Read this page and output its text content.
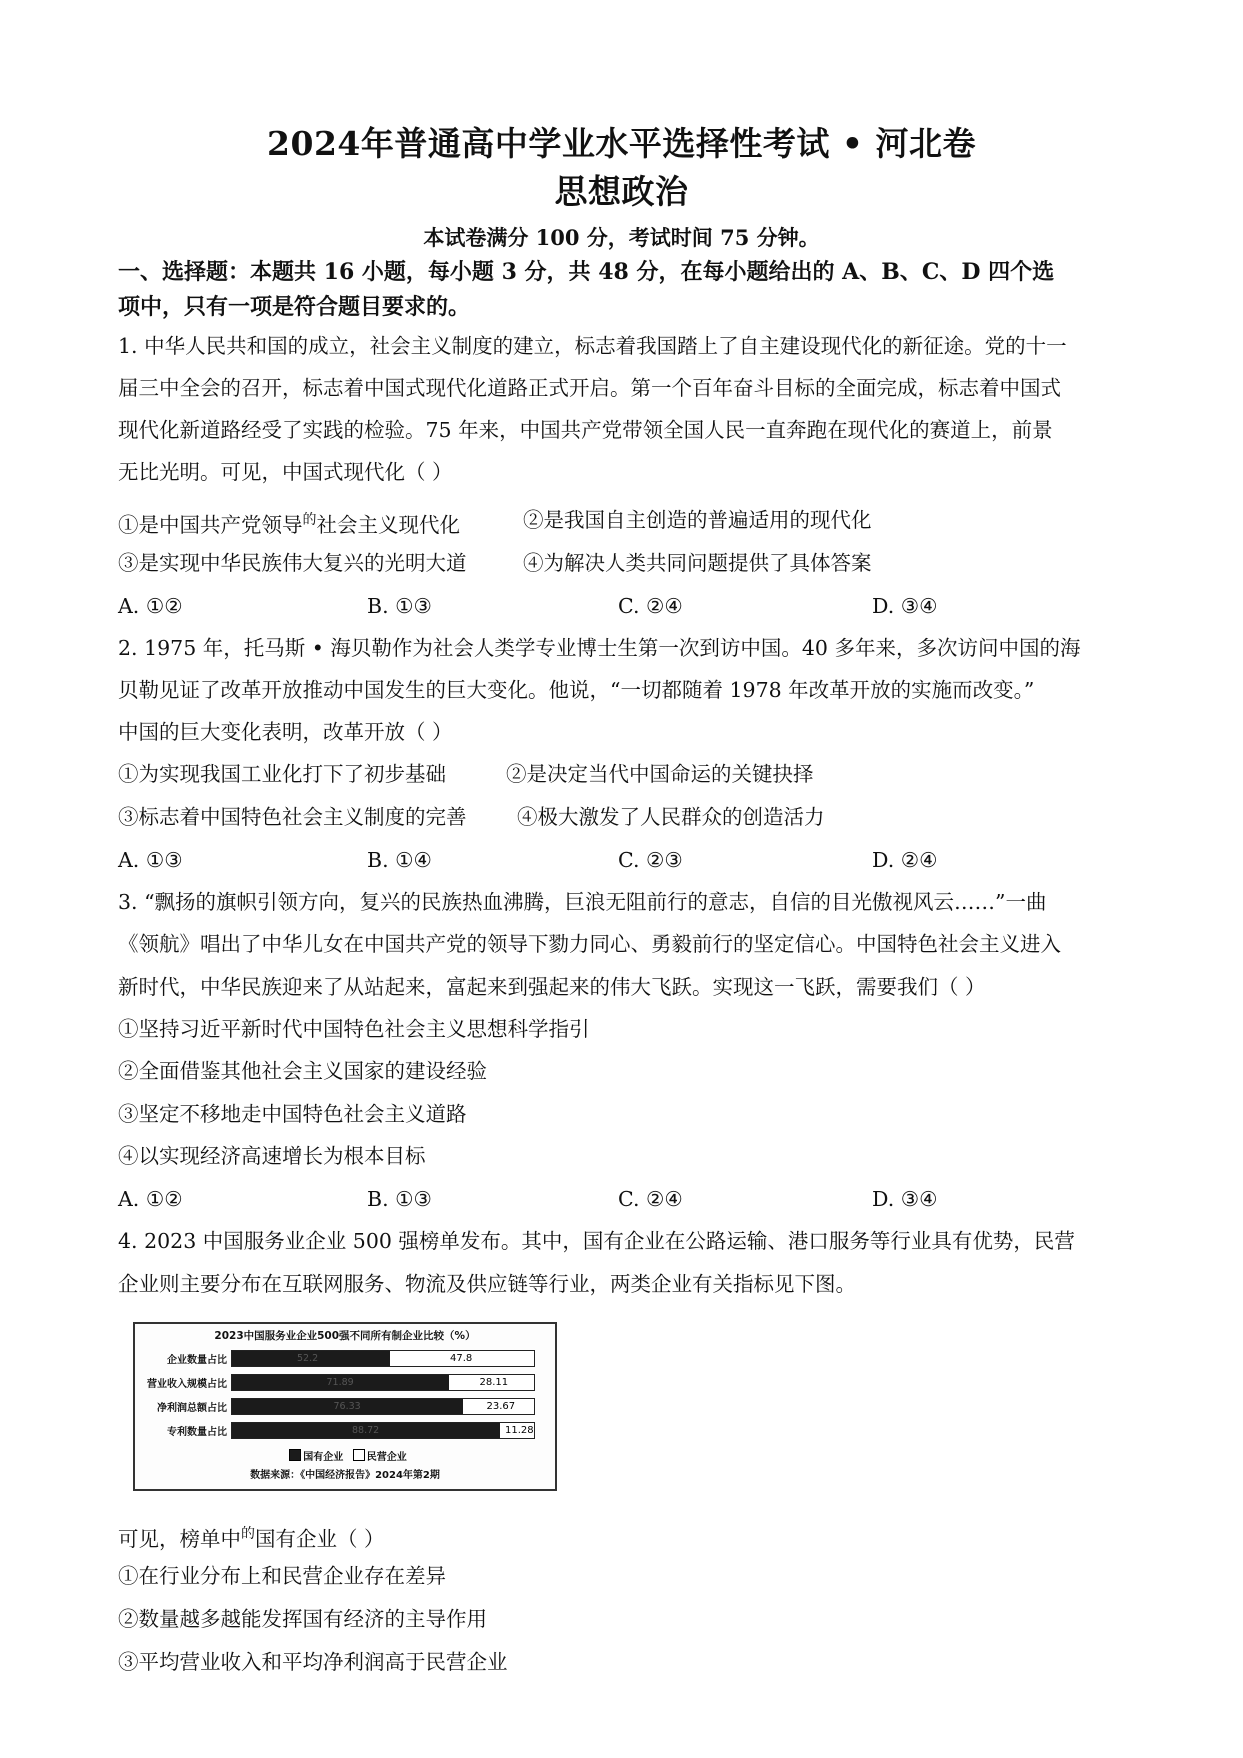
2024年普通高中学业水平选择性考试 • 河北卷
思想政治
本试卷满分 100 分，考试时间 75 分钟。
一、选择题：本题共 16 小题，每小题 3 分，共 48 分，在每小题给出的 A、B、C、D 四个选
项中，只有一项是符合题目要求的。
1. 中华人民共和国的成立，社会主义制度的建立，标志着我国踏上了自主建设现代化的新征途。党的十一
届三中全会的召开，标志着中国式现代化道路正式开启。第一个百年奋斗目标的全面完成，标志着中国式
现代化新道路经受了实践的检验。75 年来，中国共产党带领全国人民一直奔跑在现代化的赛道上，前景
无比光明。可见，中国式现代化（ ）
①是中国共产党领导$^的$社会主义现代化	②是我国自主创造的普遍适用的现代化
③是实现中华民族伟大复兴的光明大道	④为解决人类共同问题提供了具体答案
A. ①②	B. ①③	C. ②④	D. ③④
2. 1975 年，托马斯 • 海贝勒作为社会人类学专业博士生第一次到访中国。40 多年来，多次访问中国的海
贝勒见证了改革开放推动中国发生的巨大变化。他说，“一切都随着 1978 年改革开放的实施而改变。”
中国的巨大变化表明，改革开放（ ）
①为实现我国工业化打下了初步基础	②是决定当代中国命运的关键抉择
③标志着中国特色社会主义制度的完善 ④极大激发了人民群众的创造活力
A. ①③	B. ①④	C. ②③	D. ②④
3. “飘扬的旗帜引领方向，复兴的民族热血沸腾，巨浪无阻前行的意志，自信的目光傲视风云……”一曲
《领航》唱出了中华儿女在中国共产党的领导下勠力同心、勇毅前行的坚定信心。中国特色社会主义进入
新时代，中华民族迎来了从站起来，富起来到强起来的伟大飞跃。实现这一飞跃，需要我们（ ）
①坚持习近平新时代中国特色社会主义思想科学指引
②全面借鉴其他社会主义国家的建设经验
③坚定不移地走中国特色社会主义道路
④以实现经济高速增长为根本目标
A. ①②	B. ①③	C. ②④	D. ③④
4. 2023 中国服务业企业 500 强榜单发布。其中，国有企业在公路运输、港口服务等行业具有优势，民营
企业则主要分布在互联网服务、物流及供应链等行业，两类企业有关指标见下图。
2023中国服务业企业500强不同所有制企业比较（%）
企业数量占比	52.2	47.8
营业收入规模占比	71.89	28.11
净利润总额占比	76.33	23.67
专利数量占比	88.72	11.28
国有企业 民营企业
数据来源：《中国经济报告》2024年第2期
可见，榜单中$^的$国有企业（ ）
①在行业分布上和民营企业存在差异
②数量越多越能发挥国有经济的主导作用
③平均营业收入和平均净利润高于民营企业
